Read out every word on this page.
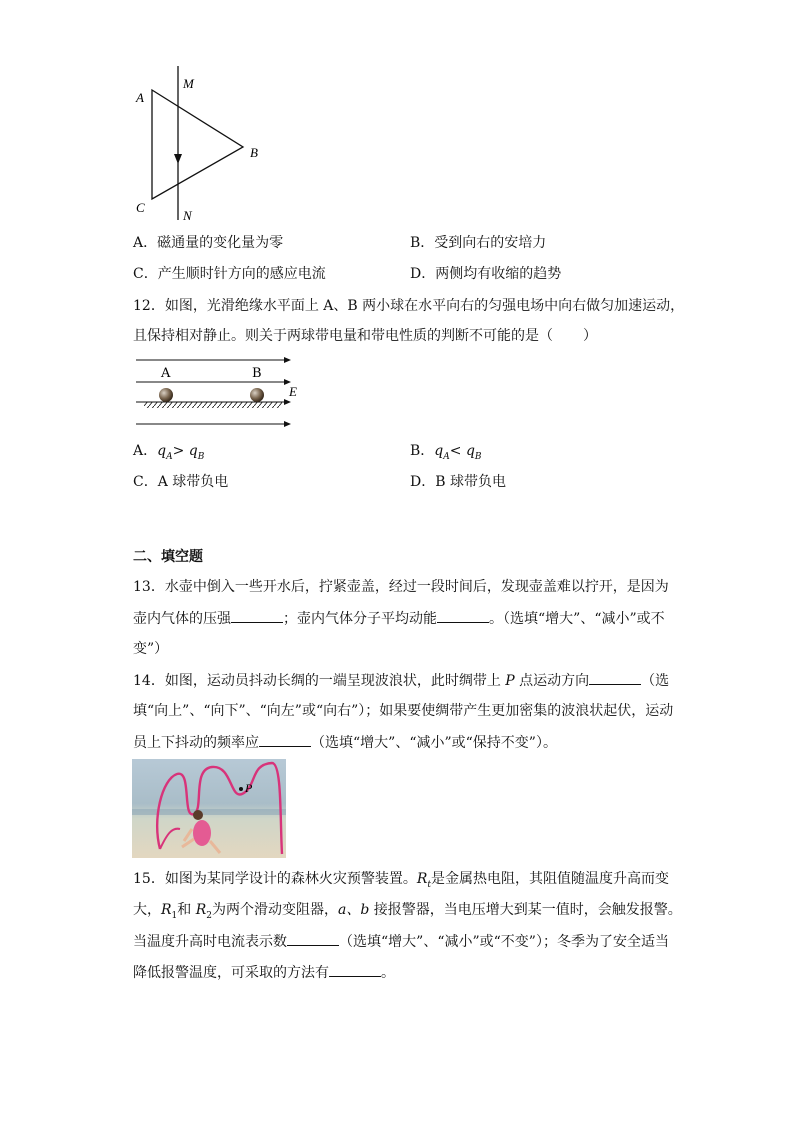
A
M
B
C
N
A．磁通量的变化量为零	B．受到向右的安培力
C．产生顺时针方向的感应电流	D．两侧均有收缩的趋势
12．如图，光滑绝缘水平面上 A、B 两小球在水平向右的匀强电场中向右做匀加速运动，
且保持相对静止。则关于两球带电量和带电性质的判断不可能的是（ ）
A	B
E
A．$q_A> q_B$	B．$q_A< q_B$
C．A 球带负电	D．B 球带负电
二、填空题
13．水壶中倒入一些开水后，拧紧壶盖，经过一段时间后，发现壶盖难以拧开，是因为
壶内气体的压强	；壶内气体分子平均动能	。（选填“增大”、“减小”或不
变”）
14．如图，运动员抖动长绸的一端呈现波浪状，此时绸带上 P 点运动方向	（选
填“向上”、“向下”、“向左”或“向右”）；如果要使绸带产生更加密集的波浪状起伏，运动
员上下抖动的频率应	（选填“增大”、“减小”或“保持不变”）。
P
15．如图为某同学设计的森林火灾预警装置。$R_t$是金属热电阻，其阻值随温度升高而变
大，$R_1$和 $R_2$为两个滑动变阻器，a、b 接报警器，当电压增大到某一值时，会触发报警。
当温度升高时电流表示数	（选填“增大”、“减小”或“不变”）；冬季为了安全适当
降低报警温度，可采取的方法有	。
